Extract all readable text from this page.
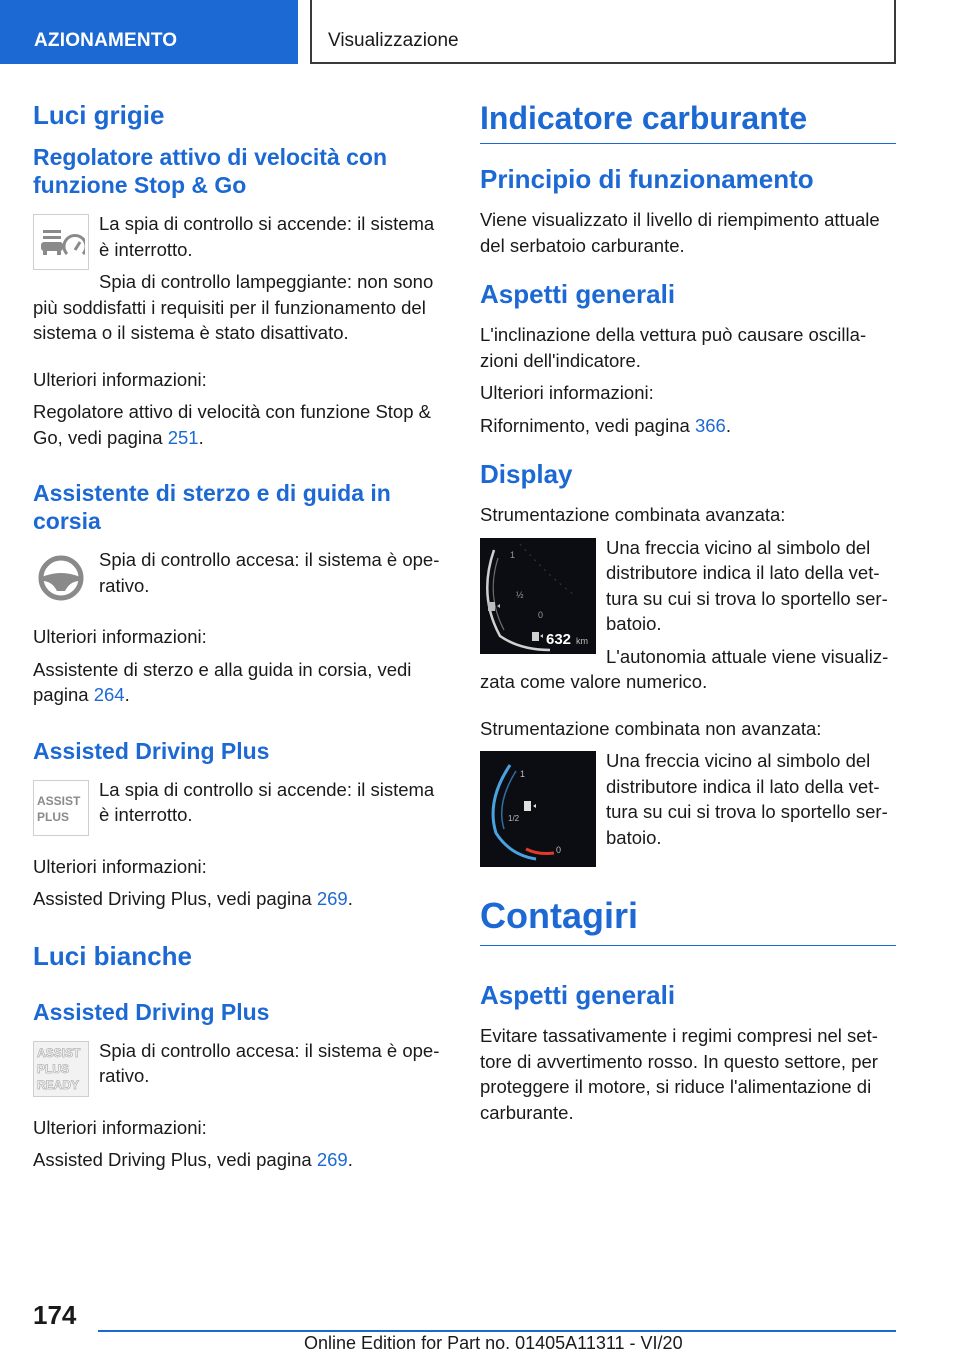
AZIONAMENTO	Visualizzazione
Luci grigie
Regolatore attivo di velocità con funzione Stop & Go

La spia di controllo si accende: il sistema è interrotto.

Spia di controllo lampeggiante: non sono più soddisfatti i requisiti per il funzionamento del sistema o il sistema è stato disattivato.

Ulteriori informazioni:

Regolatore attivo di velocità con funzione Stop & Go, vedi pagina 251.

Assistente di sterzo e di guida in corsia

Spia di controllo accesa: il sistema è operativo.

Ulteriori informazioni:

Assistente di sterzo e alla guida in corsia, vedi pagina 264.

Assisted Driving Plus
ASSIST
PLUS

La spia di controllo si accende: il sistema è interrotto.

Ulteriori informazioni:

Assisted Driving Plus, vedi pagina 269.

Luci bianche
Assisted Driving Plus
ASSIST
PLUS
READY

Spia di controllo accesa: il sistema è operativo.

Ulteriori informazioni:

Assisted Driving Plus, vedi pagina 269.

Indicatore carburante
Principio di funzionamento

Viene visualizzato il livello di riempimento attuale del serbatoio carburante.

Aspetti generali

L'inclinazione della vettura può causare oscillazioni dell'indicatore.

Ulteriori informazioni:

Rifornimento, vedi pagina 366.

Display

Strumentazione combinata avanzata:

1
½
0
632 km

Una freccia vicino al simbolo del distributore indica il lato della vettura su cui si trova lo sportello serbatoio.

L'autonomia attuale viene visualizzata come valore numerico.

Strumentazione combinata non avanzata:

1
1/2
0

Una freccia vicino al simbolo del distributore indica il lato della vettura su cui si trova lo sportello serbatoio.

Contagiri
Aspetti generali

Evitare tassativamente i regimi compresi nel settore di avvertimento rosso. In questo settore, per proteggere il motore, si riduce l'alimentazione di carburante.

174
Online Edition for Part no. 01405A11311 - VI/20
